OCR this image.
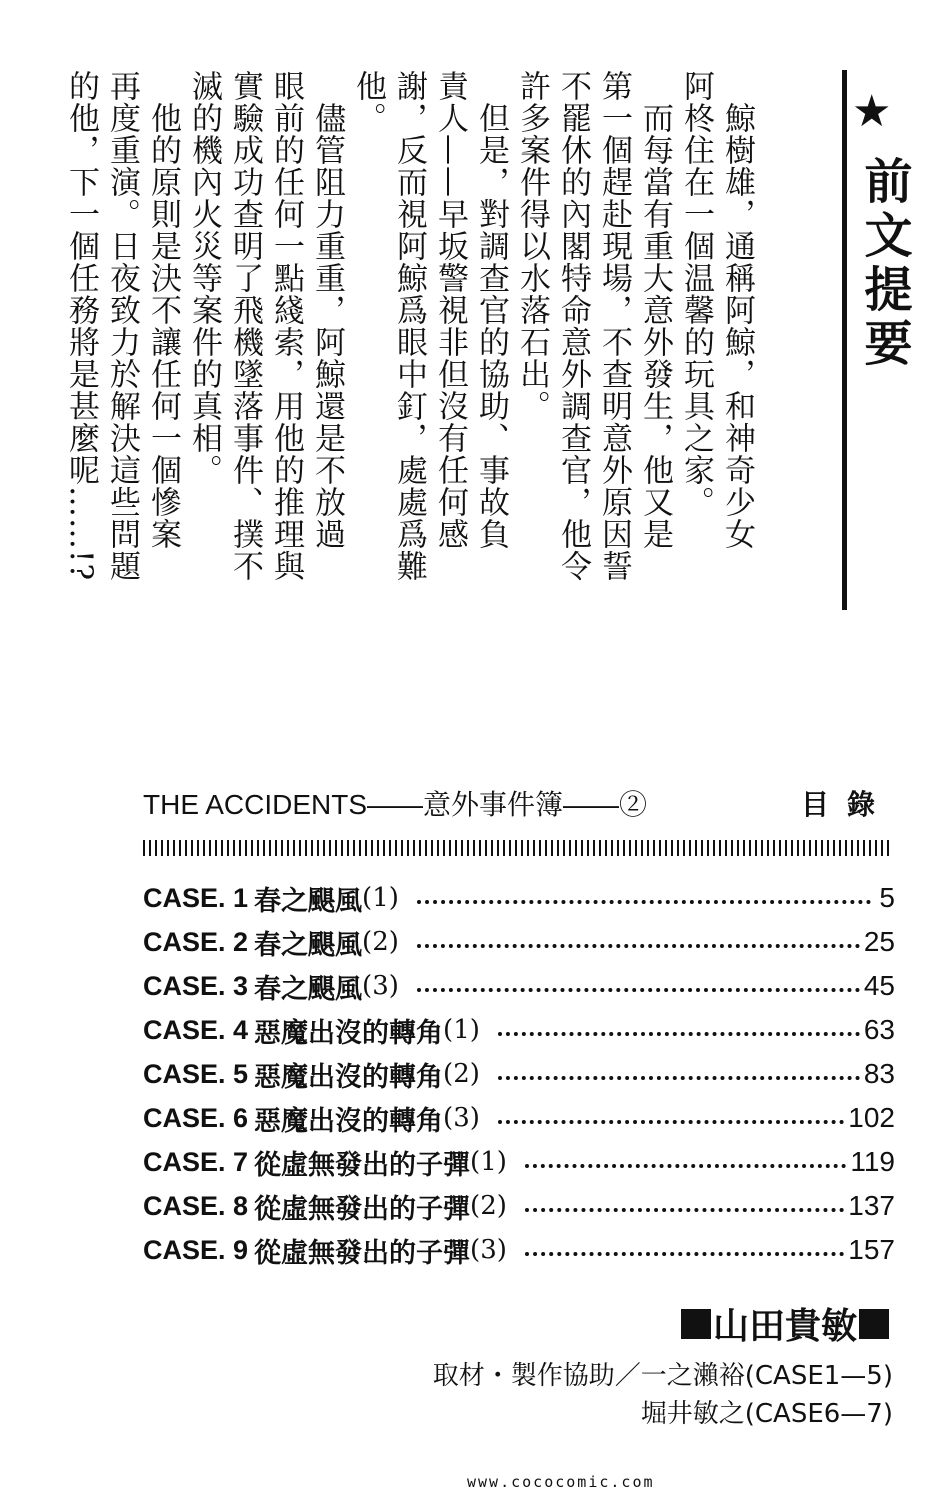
　鯨樹雄，通稱阿鯨，和神奇少女
阿柊住在一個温馨的玩具之家。
　而每當有重大意外發生，他又是
第一個趕赴現場，不查明意外原因誓
不罷休的內閣特命意外調查官，他令
許多案件得以水落石出。
　但是，對調查官的協助、事故負
責人——早坂警視非但沒有任何感
謝，反而視阿鯨爲眼中釘，處處爲難
他。
　儘管阻力重重，阿鯨還是不放過
眼前的任何一點綫索，用他的推理與
實驗成功查明了飛機墜落事件、撲不
滅的機內火災等案件的真相。
　他的原則是決不讓任何一個慘案
再度重演。日夜致力於解決這些問題
的他，下一個任務將是甚麼呢……!?	★
前文提要
THE ACCIDENTS——意外事件簿——②	目錄
CASE. 1 春之颶風 (1)	5
CASE. 2 春之颶風 (2)	25
CASE. 3 春之颶風 (3)	45
CASE. 4 惡魔出沒的轉角 (1)	63
CASE. 5 惡魔出沒的轉角 (2)	83
CASE. 6 惡魔出沒的轉角 (3)	102
CASE. 7 從虛無發出的子彈 (1)	119
CASE. 8 從虛無發出的子彈 (2)	137
CASE. 9 從虛無發出的子彈 (3)	157
山田貴敏
取材・製作協助／一之瀨裕(CASE1—5)
堀井敏之(CASE6—7)
www.cococomic.com
